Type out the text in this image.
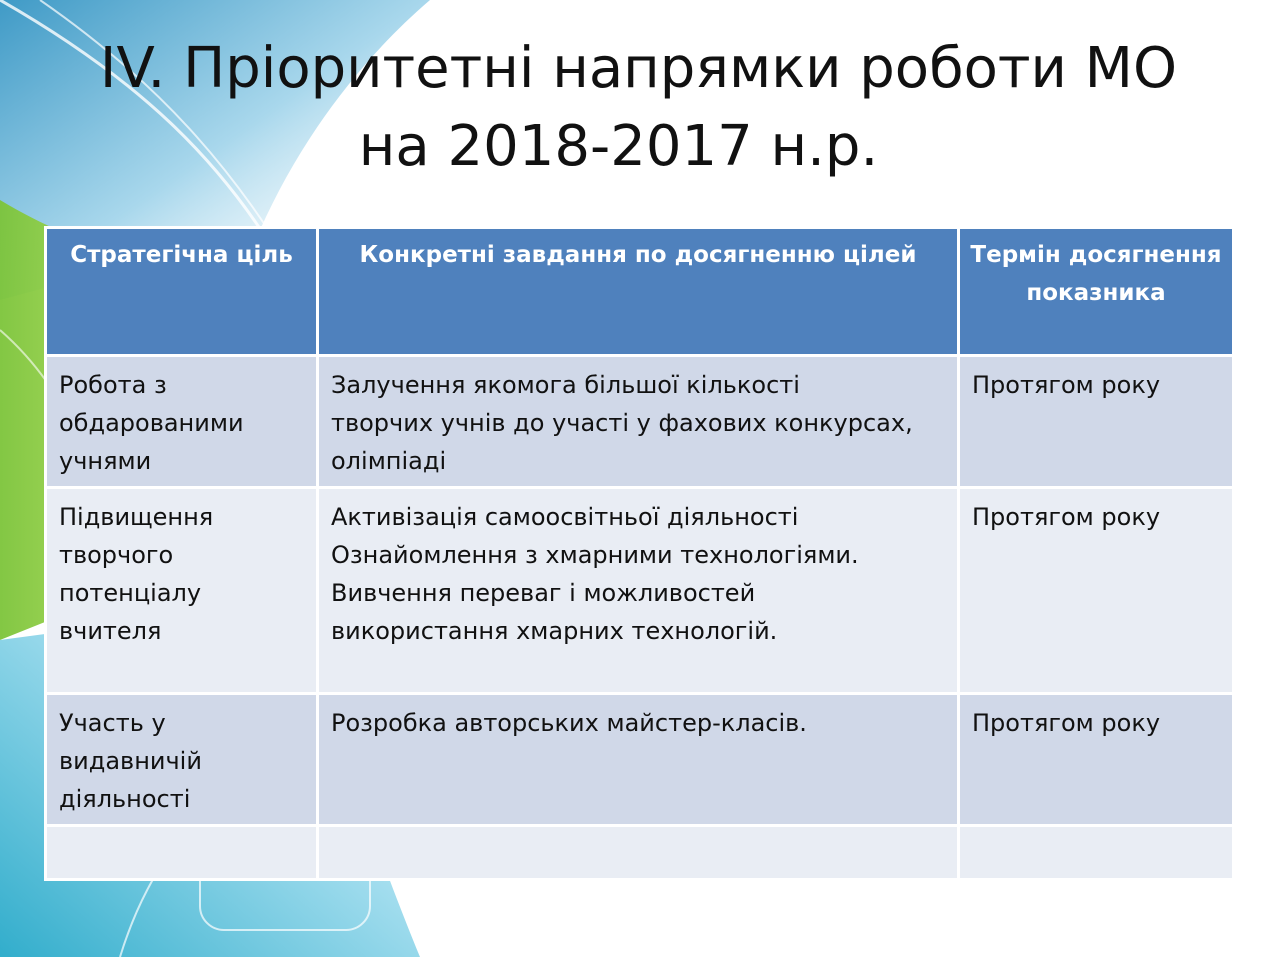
IV. Пріоритетні напрямки роботи МО
на 2018-2017 н.р.
Стратегічна ціль	Конкретні завдання по досягненню цілей	Термін досягнення показника

Робота з
обдарованими
учнями	Залучення якомога більшої кількості
творчих учнів до участі у фахових конкурсах,
олімпіаді	Протягом року

Підвищення
творчого
потенціалу
вчителя	Активізація самоосвітньої діяльності
Ознайомлення з хмарними технологіями.
Вивчення переваг і можливостей
використання хмарних технологій.	Протягом року

Участь у
видавничій
діяльності	Розробка авторських майстер-класів.	Протягом року
